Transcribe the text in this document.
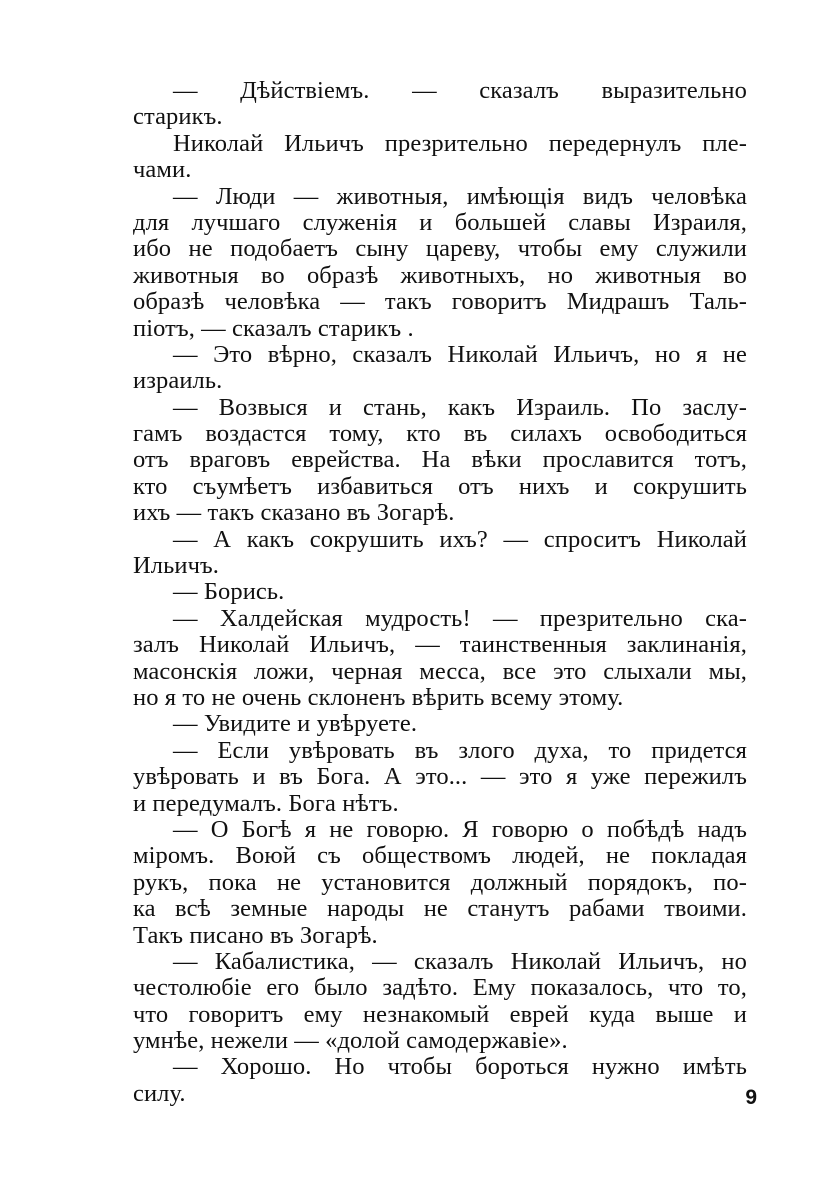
— Дѣйствiемъ. — сказалъ выразительно
старикъ.
Николай Ильичъ презрительно передернулъ пле-
чами.
— Люди — животныя, имѣющія видъ человѣка
для лучшаго служенія и большей славы Израиля,
ибо не подобаетъ сыну цареву, чтобы ему служили
животныя во образѣ животныхъ, но животныя во
образѣ человѣка — такъ говоритъ Мидрашъ Таль-
піотъ, — сказалъ старикъ .
— Это вѣрно, сказалъ Николай Ильичъ, но я не
израиль.
— Возвыся и стань, какъ Израиль. По заслу-
гамъ воздастся тому, кто въ силахъ освободиться
отъ враговъ еврейства. На вѣки прославится тотъ,
кто съумѣетъ избавиться отъ нихъ и сокрушить
ихъ — такъ сказано въ Зогарѣ.
— А какъ сокрушить ихъ? — спроситъ Николай
Ильичъ.
— Борись.
— Халдейская мудрость! — презрительно ска-
залъ Николай Ильичъ, — таинственныя заклинанія,
масонскія ложи, черная месса, все это слыхали мы,
но я то не очень склоненъ вѣрить всему этому.
— Увидите и увѣруете.
— Если увѣровать въ злого духа, то придется
увѣровать и въ Бога. А это... — это я уже пережилъ
и передумалъ. Бога нѣтъ.
— О Богѣ я не говорю. Я говорю о побѣдѣ надъ
міромъ. Воюй съ обществомъ людей, не покладая
рукъ, пока не установится должный порядокъ, по-
ка всѣ земные народы не станутъ рабами твоими.
Такъ писано въ Зогарѣ.
— Кабалистика, — сказалъ Николай Ильичъ, но
честолюбіе его было задѣто. Ему показалось, что то,
что говоритъ ему незнакомый еврей куда выше и
умнѣе, нежели — «долой самодержавіе».
— Хорошо. Но чтобы бороться нужно имѣть
силу.	9
